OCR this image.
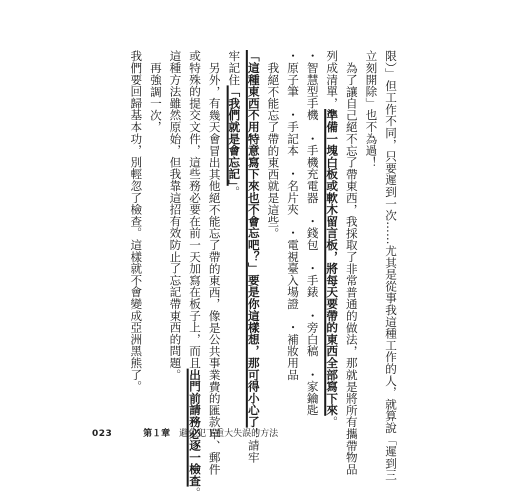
限）」但工作不同，只要遲到一次……尤其是從事我這種工作的人，就算說「遲到三
立刻開除」也不為過！
為了讓自己絕不忘了帶東西，我採取了非常普通的做法，那就是將所有攜帶物品
列成清單，準備一塊白板或軟木留言板，將每天要帶的東西全部寫下來。
・智慧型手機　・手機充電器　・錢包　・手錶　・旁白稿　・家鑰匙
・原子筆　・手記本　・名片夾　・電視臺入場證　・補妝用品
我絕不能忘了帶的東西就是這些。
「這種東西不用特意寫下來也不會忘吧？」要是你這樣想，那可得小心了！請牢
牢記住「我們就是會忘記」。
另外，有幾天會冒出其他絕不能忘了帶的東西，像是公共事業費的匯款單、郵件
或特殊的提交文件，這些務必要在前一天加寫在板子上，而且出門前請務必逐一檢查。
這種方法雖然原始，但我靠這招有效防止了忘記帶東西的問題。
再強調一次，
我們要回歸基本功，別輕忽了檢查。這樣就不會變成亞洲黑熊了。
023	第１章 避免犯下重大失誤的方法
